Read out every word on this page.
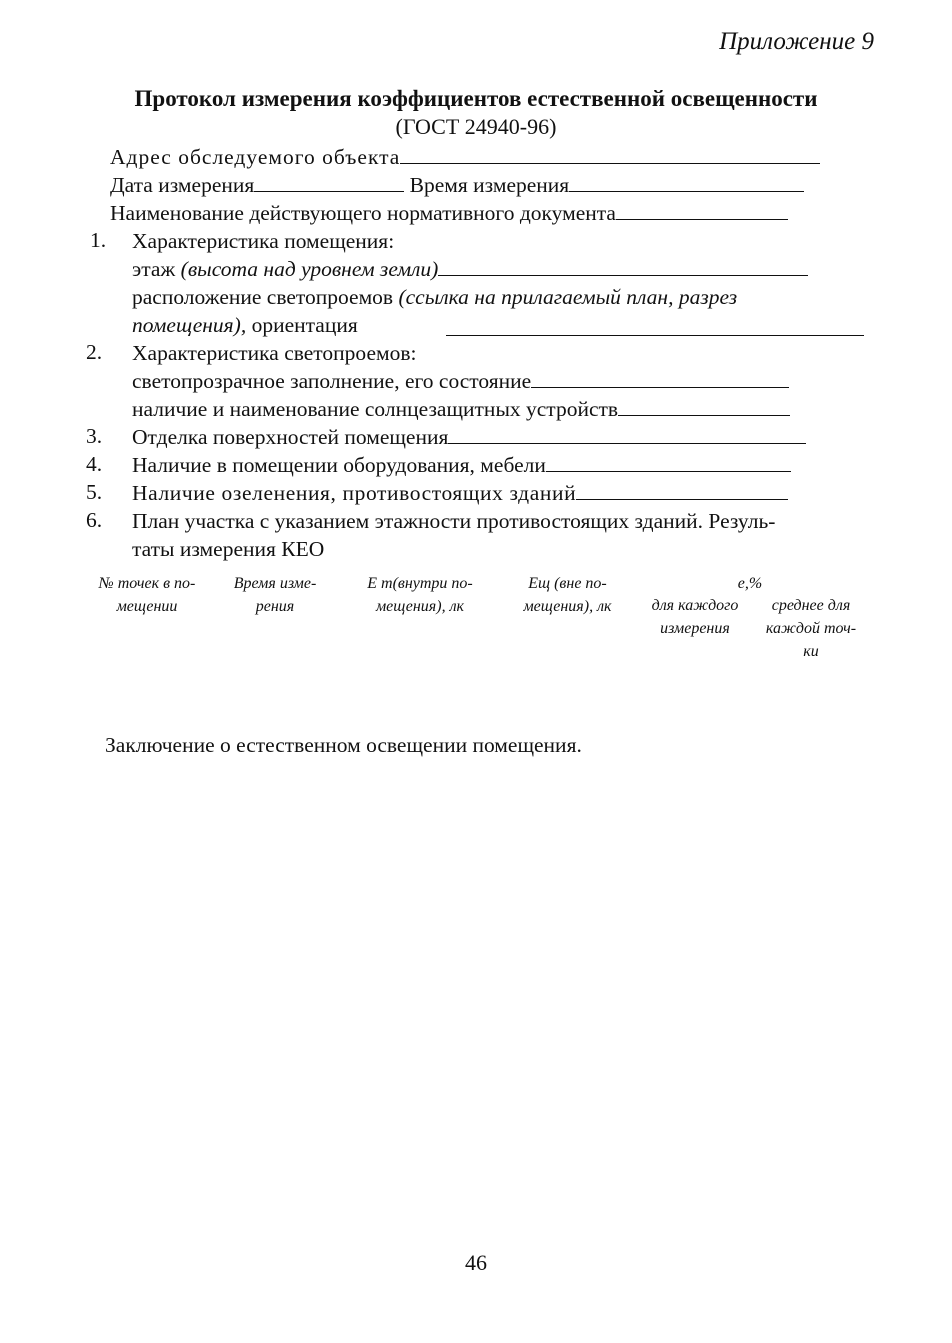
Приложение 9
Протокол измерения коэффициентов естественной освещенности
(ГОСТ 24940-96)
Адрес обследуемого объекта
Дата измерения	Время измерения
Наименование действующего нормативного документа
1. Характеристика помещения:
этаж (высота над уровнем земли)
расположение светопроемов (ссылка на прилагаемый план, разрез
помещения), ориентация
2. Характеристика светопроемов:
светопрозрачное заполнение, его состояние
наличие и наименование солнцезащитных устройств
3. Отделка поверхностей помещения
4. Наличие в помещении оборудования, мебели
5. Наличие озеленения, противостоящих зданий
6. План участка с указанием этажности противостоящих зданий. Резуль-
таты измерения КЕО
№ точек в по-
мещении
Время изме-
рения
Е т(внутри по-
мещения), лк
Ещ (вне по-
мещения), лк
е,%
для каждого
измерения
среднее для
каждой точ-
ки
Заключение о естественном освещении помещения.
46
